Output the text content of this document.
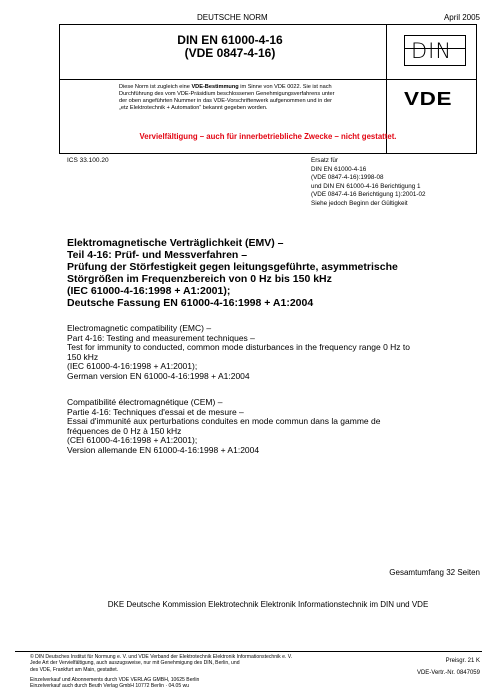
DEUTSCHE NORM	April 2005
DIN EN 61000-4-16
(VDE 0847-4-16)	DIN
Diese Norm ist zugleich eine VDE-Bestimmung im Sinne von VDE 0022. Sie ist nach
Durchführung des vom VDE-Präsidium beschlossenen Genehmigungsverfahrens unter
der oben angeführten Nummer in das VDE-Vorschriftenwerk aufgenommen und in der
„etz Elektrotechnik + Automation“ bekannt gegeben worden.	VDE
Vervielfältigung – auch für innerbetriebliche Zwecke – nicht gestattet.
ICS 33.100.20	Ersatz für
DIN EN 61000-4-16
(VDE 0847-4-16):1998-08
und DIN EN 61000-4-16 Berichtigung 1
(VDE 0847-4-16 Berichtigung 1):2001-02
Siehe jedoch Beginn der Gültigkeit
Elektromagnetische Verträglichkeit (EMV) –
Teil 4-16: Prüf- und Messverfahren –
Prüfung der Störfestigkeit gegen leitungsgeführte, asymmetrische
Störgrößen im Frequenzbereich von 0 Hz bis 150 kHz
(IEC 61000-4-16:1998 + A1:2001);
Deutsche Fassung EN 61000-4-16:1998 + A1:2004
Electromagnetic compatibility (EMC) –
Part 4-16: Testing and measurement techniques –
Test for immunity to conducted, common mode disturbances in the frequency range 0 Hz to
150 kHz
(IEC 61000-4-16:1998 + A1:2001);
German version EN 61000-4-16:1998 + A1:2004
Compatibilité électromagnétique (CEM) –
Partie 4-16: Techniques d'essai et de mesure –
Essai d'immunité aux perturbations conduites en mode commun dans la gamme de
fréquences de 0 Hz à 150 kHz
(CEI 61000-4-16:1998 + A1:2001);
Version allemande EN 61000-4-16:1998 + A1:2004
Gesamtumfang 32 Seiten
DKE Deutsche Kommission Elektrotechnik Elektronik Informationstechnik im DIN und VDE
© DIN Deutsches Institut für Normung e. V. und VDE Verband der Elektrotechnik Elektronik Informationstechnik e. V.
Jede Art der Vervielfältigung, auch auszugsweise, nur mit Genehmigung des DIN, Berlin, und
des VDE, Frankfurt am Main, gestattet.
Einzelverkauf und Abonnements durch VDE VERLAG GMBH, 10625 Berlin
Einzelverkauf auch durch Beuth Verlag GmbH 10772 Berlin · 04.05 wu
Preisgr. 21 K
VDE-Vertr.-Nr. 0847059
